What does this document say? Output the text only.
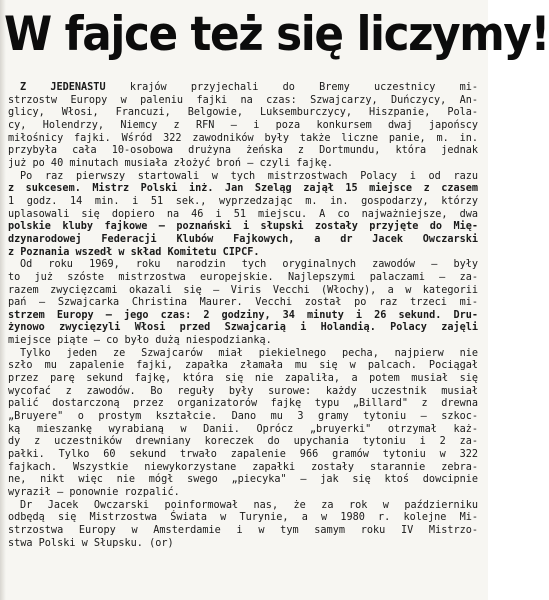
W fajce też się liczymy!
Z JEDENASTU krajów przyjechali do Bremy uczestnicy mi-
strzostw Europy w paleniu fajki na czas: Szwajcarzy, Duńczycy, An-
glicy, Włosi, Francuzi, Belgowie, Luksemburczycy, Hiszpanie, Pola-
cy, Holendrzy, Niemcy z RFN — i poza konkursem dwaj japońscy
miłośnicy fajki. Wśród 322 zawodników były także liczne panie, m. in.
przybyła cała 10-osobowa drużyna żeńska z Dortmundu, która jednak
już po 40 minutach musiała złożyć broń — czyli fajkę.
Po raz pierwszy startowali w tych mistrzostwach Polacy i od razu
z sukcesem. Mistrz Polski inż. Jan Szeląg zajął 15 miejsce z czasem
1 godz. 14 min. i 51 sek., wyprzedzając m. in. gospodarzy, którzy
uplasowali się dopiero na 46 i 51 miejscu. A co najważniejsze, dwa
polskie kluby fajkowe — poznański i słupski zostały przyjęte do Mię-
dzynarodowej Federacji Klubów Fajkowych, a dr Jacek Owczarski
z Poznania wszedł w skład Komitetu CIPCF.
Od roku 1969, roku narodzin tych oryginalnych zawodów — były
to już szóste mistrzostwa europejskie. Najlepszymi palaczami — za-
razem zwycięzcami okazali się — Viris Vecchi (Włochy), a w kategorii
pań — Szwajcarka Christina Maurer. Vecchi został po raz trzeci mi-
strzem Europy — jego czas: 2 godziny, 34 minuty i 26 sekund. Dru-
żynowo zwycięzyli Włosi przed Szwajcarią i Holandią. Polacy zajęli
miejsce piąte — co było dużą niespodzianką.
Tylko jeden ze Szwajcarów miał piekielnego pecha, najpierw nie
szło mu zapalenie fajki, zapałka złamała mu się w palcach. Pociągał
przez parę sekund fajkę, która się nie zapaliła, a potem musiał się
wycofać z zawodów. Bo reguły były surowe: każdy uczestnik musiał
palić dostarczoną przez organizatorów fajkę typu „Billard" z drewna
„Bruyere" o prostym kształcie. Dano mu 3 gramy tytoniu — szkoc-
ką mieszankę wyrabianą w Danii. Oprócz „bruyerki" otrzymał każ-
dy z uczestników drewniany koreczek do upychania tytoniu i 2 za-
pałki. Tylko 60 sekund trwało zapalenie 966 gramów tytoniu w 322
fajkach. Wszystkie niewykorzystane zapałki zostały starannie zebra-
ne, nikt więc nie mógł swego „piecyka" — jak się ktoś dowcipnie
wyraził — ponownie rozpalić.
Dr Jacek Owczarski poinformował nas, że za rok w październiku
odbędą się Mistrzostwa Świata w Turynie, a w 1980 r. kolejne Mi-
strzostwa Europy w Amsterdamie i w tym samym roku IV Mistrzo-
stwa Polski w Słupsku. (or)
